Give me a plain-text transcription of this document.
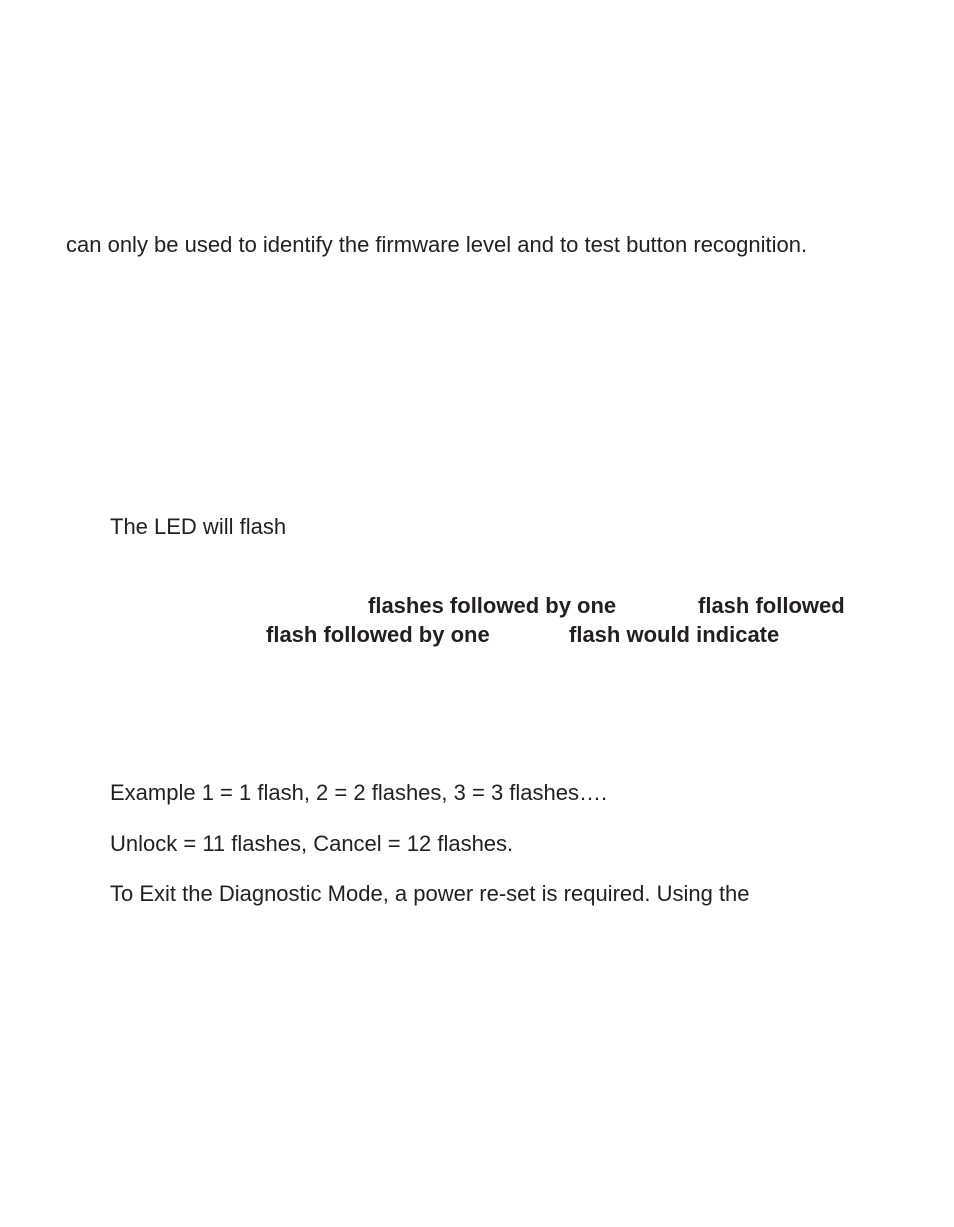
can only be used to identify the firmware level and to test button recognition.

The LED will flash

flashes followed by one	flash followed

flash followed by one	flash would indicate

Example 1 = 1 flash, 2 = 2 flashes, 3 = 3 flashes….

Unlock = 11 flashes, Cancel = 12 flashes.

To Exit the Diagnostic Mode, a power re-set is required. Using the
